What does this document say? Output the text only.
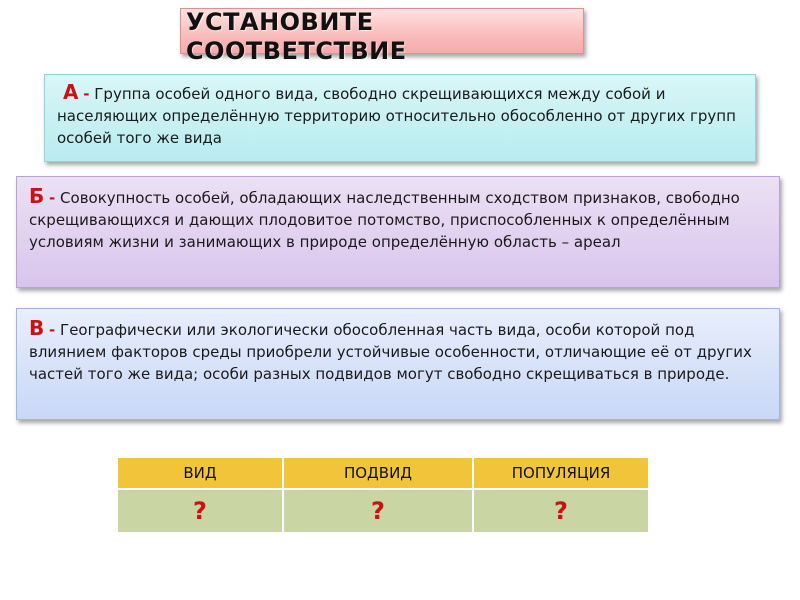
УСТАНОВИТЕ СООТВЕТСТВИЕ
А - Группа особей одного вида, свободно скрещивающихся между собой и населяющих определённую территорию относительно обособленно от других групп особей того же вида
Б - Совокупность особей, обладающих наследственным сходством признаков, свободно скрещивающихся и дающих плодовитое потомство, приспособленных к определённым условиям жизни и занимающих в природе определённую область – ареал
В - Географически или экологически обособленная часть вида, особи которой под влиянием факторов среды приобрели устойчивые особенности, отличающие её от других частей того же вида; особи разных подвидов могут свободно скрещиваться в природе.
ВИД	ПОДВИД	ПОПУЛЯЦИЯ
?	?	?
